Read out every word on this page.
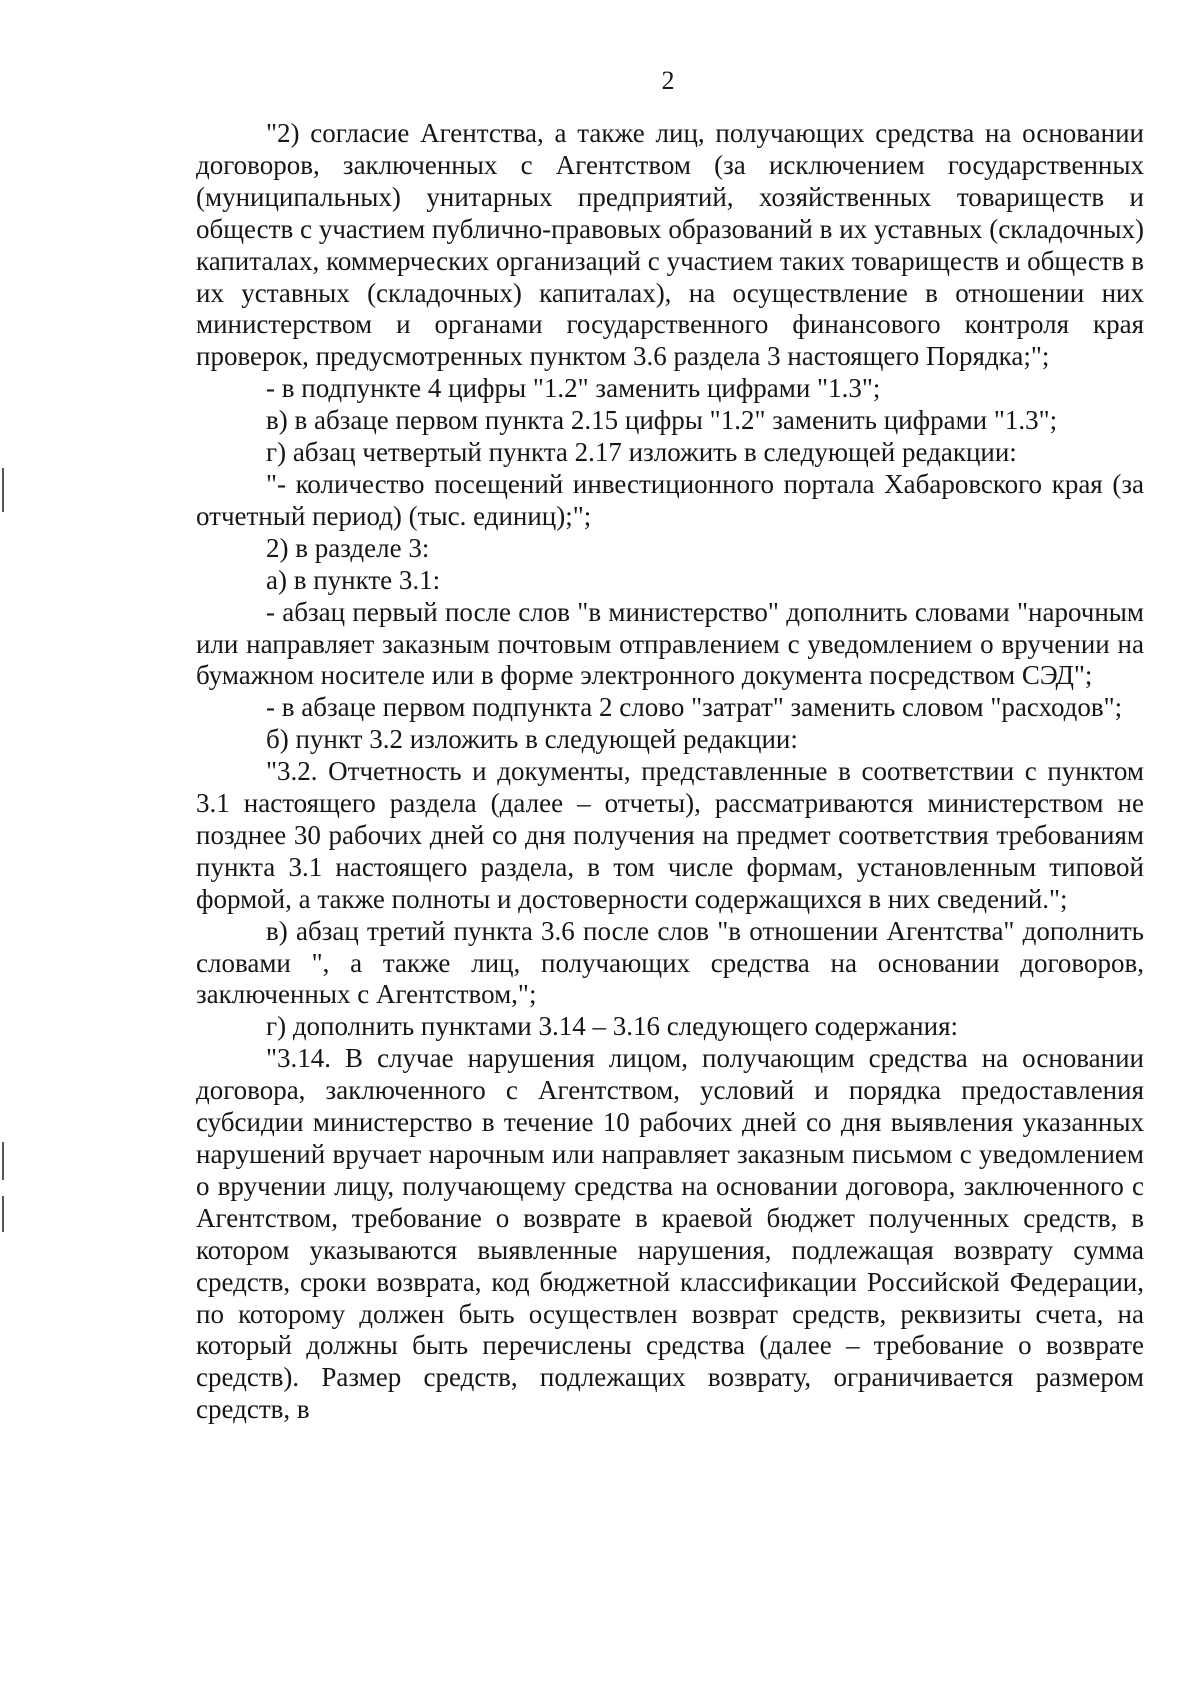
2

"2) согласие Агентства, а также лиц, получающих средства на основании договоров, заключенных с Агентством (за исключением государственных (муниципальных) унитарных предприятий, хозяйственных товариществ и обществ с участием публично-правовых образований в их уставных (складочных) капиталах, коммерческих организаций с участием таких товариществ и обществ в их уставных (складочных) капиталах), на осуществление в отношении них министерством и органами государственного финансового контроля края проверок, предусмотренных пунктом 3.6 раздела 3 настоящего Порядка;";

- в подпункте 4 цифры "1.2" заменить цифрами "1.3";

в) в абзаце первом пункта 2.15 цифры "1.2" заменить цифрами "1.3";

г) абзац четвертый пункта 2.17 изложить в следующей редакции:

"- количество посещений инвестиционного портала Хабаровского края (за отчетный период) (тыс. единиц);";

2) в разделе 3:

а) в пункте 3.1:

- абзац первый после слов "в министерство" дополнить словами "нарочным или направляет заказным почтовым отправлением с уведомлением о вручении на бумажном носителе или в форме электронного документа посредством СЭД";

- в абзаце первом подпункта 2 слово "затрат" заменить словом "расходов";

б) пункт 3.2 изложить в следующей редакции:

"3.2. Отчетность и документы, представленные в соответствии с пунктом 3.1 настоящего раздела (далее – отчеты), рассматриваются министерством не позднее 30 рабочих дней со дня получения на предмет соответствия требованиям пункта 3.1 настоящего раздела, в том числе формам, установленным типовой формой, а также полноты и достоверности содержащихся в них сведений.";

в) абзац третий пункта 3.6 после слов "в отношении Агентства" дополнить словами ", а также лиц, получающих средства на основании договоров, заключенных с Агентством,";

г) дополнить пунктами 3.14 – 3.16 следующего содержания:

"3.14. В случае нарушения лицом, получающим средства на основании договора, заключенного с Агентством, условий и порядка предоставления субсидии министерство в течение 10 рабочих дней со дня выявления указанных нарушений вручает нарочным или направляет заказным письмом с уведомлением о вручении лицу, получающему средства на основании договора, заключенного с Агентством, требование о возврате в краевой бюджет полученных средств, в котором указываются выявленные нарушения, подлежащая возврату сумма средств, сроки возврата, код бюджетной классификации Российской Федерации, по которому должен быть осуществлен возврат средств, реквизиты счета, на который должны быть перечислены средства (далее – требование о возврате средств). Размер средств, подлежащих возврату, ограничивается размером средств, в
